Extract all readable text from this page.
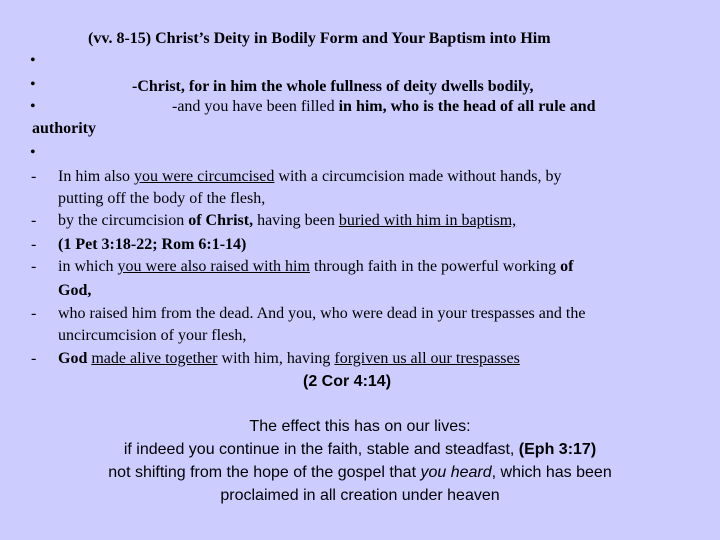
(vv. 8-15) Christ’s Deity in Bodily Form and Your Baptism into Him
•
•
•
•
-Christ, for in him the whole fullness of deity dwells bodily,
-and you have been filled in him, who is the head of all rule and
authority
- In him also you were circumcised with a circumcision made without hands, by
putting off the body of the flesh,
- by the circumcision of Christ, having been buried with him in baptism,
- (1 Pet 3:18-22; Rom 6:1-14)
- in which you were also raised with him through faith in the powerful working of
God,
- who raised him from the dead. And you, who were dead in your trespasses and the
uncircumcision of your flesh,
- God made alive together with him, having forgiven us all our trespasses
(2 Cor 4:14)
The effect this has on our lives:
if indeed you continue in the faith, stable and steadfast, (Eph 3:17)
not shifting from the hope of the gospel that you heard, which has been
proclaimed in all creation under heaven
